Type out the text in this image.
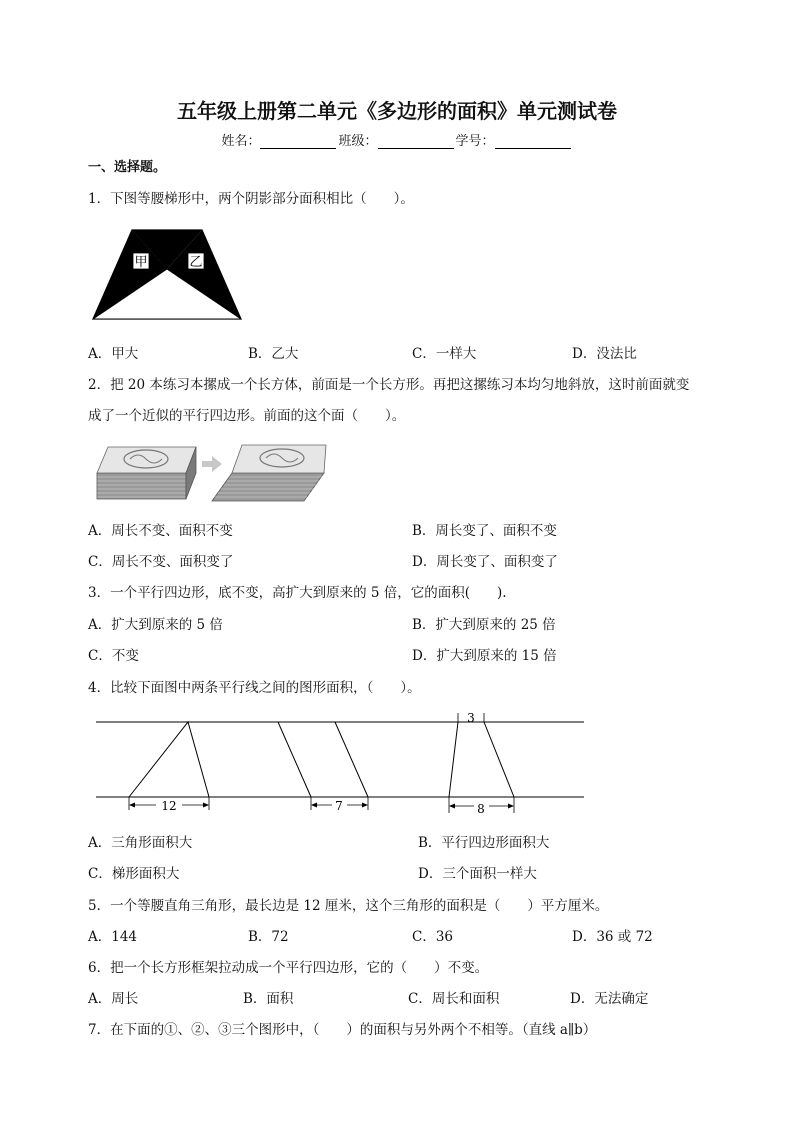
五年级上册第二单元《多边形的面积》单元测试卷
姓名：	班级：	学号：
一、选择题。
1．下图等腰梯形中，两个阴影部分面积相比（　　）。
甲	乙
A．甲大	B．乙大	C．一样大	D．没法比
2．把 20 本练习本摞成一个长方体，前面是一个长方形。再把这摞练习本均匀地斜放，这时前面就变
成了一个近似的平行四边形。前面的这个面（　　）。
A．周长不变、面积不变	B．周长变了、面积不变
C．周长不变、面积变了	D．周长变了、面积变了
3．一个平行四边形，底不变，高扩大到原来的 5 倍，它的面积(　　).
A．扩大到原来的 5 倍	B．扩大到原来的 25 倍
C．不变	D．扩大到原来的 15 倍
4．比较下面图中两条平行线之间的图形面积，（　　）。
3
12	7	8
A．三角形面积大	B．平行四边形面积大
C．梯形面积大	D．三个面积一样大
5．一个等腰直角三角形，最长边是 12 厘米，这个三角形的面积是（　　）平方厘米。
A．144	B．72	C．36	D．36 或 72
6．把一个长方形框架拉动成一个平行四边形，它的（　　）不变。
A．周长	B．面积	C．周长和面积	D．无法确定
7．在下面的①、②、③三个图形中，（　　）的面积与另外两个不相等。（直线 a∥b）
